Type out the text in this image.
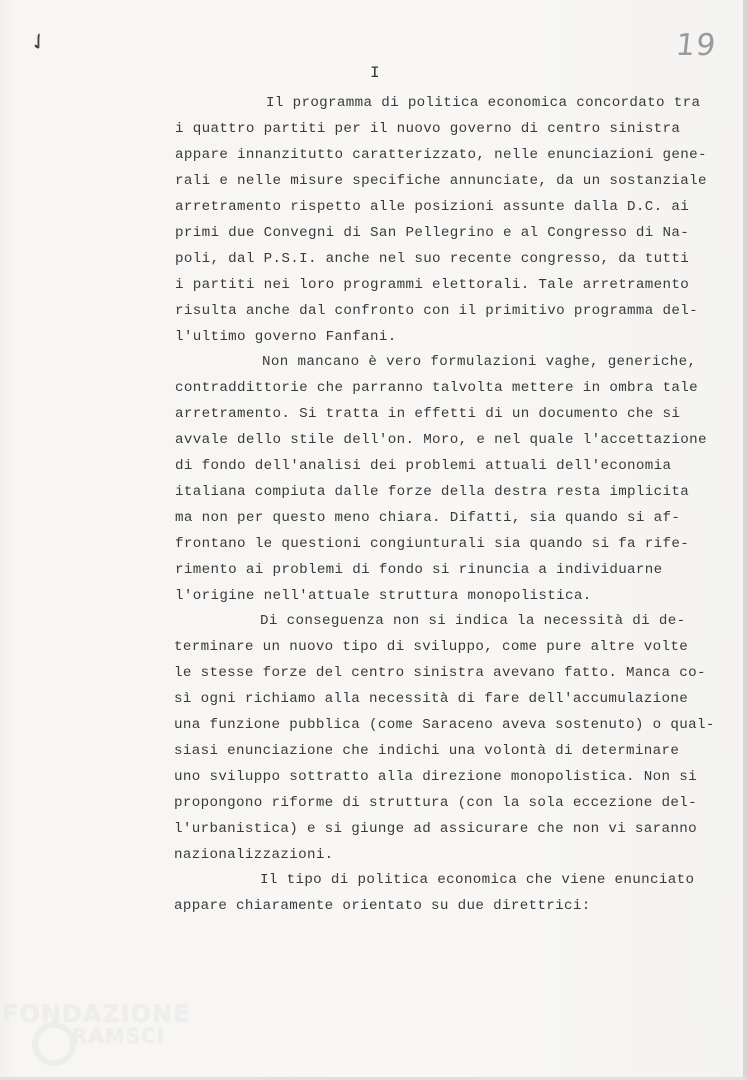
✓	19
I
Il programma di politica economica concordato tra
i quattro partiti per il nuovo governo di centro sinistra
appare innanzitutto caratterizzato, nelle enunciazioni gene-
rali e nelle misure specifiche annunciate, da un sostanziale
arretramento rispetto alle posizioni assunte dalla D.C. ai
primi due Convegni di San Pellegrino e al Congresso di Na-
poli, dal P.S.I. anche nel suo recente congresso, da tutti
i partiti nei loro programmi elettorali. Tale arretramento
risulta anche dal confronto con il primitivo programma del-
l'ultimo governo Fanfani.
Non mancano è vero formulazioni vaghe, generiche,
contraddittorie che parranno talvolta mettere in ombra tale
arretramento. Si tratta in effetti di un documento che si
avvale dello stile dell'on. Moro, e nel quale l'accettazione
di fondo dell'analisi dei problemi attuali dell'economia
italiana compiuta dalle forze della destra resta implicita
ma non per questo meno chiara. Difatti, sia quando si af-
frontano le questioni congiunturali sia quando si fa rife-
rimento ai problemi di fondo si rinuncia a individuarne
l'origine nell'attuale struttura monopolistica.
Di conseguenza non si indica la necessità di de-
terminare un nuovo tipo di sviluppo, come pure altre volte
le stesse forze del centro sinistra avevano fatto. Manca co-
sì ogni richiamo alla necessità di fare dell'accumulazione
una funzione pubblica (come Saraceno aveva sostenuto) o qual-
siasi enunciazione che indichi una volontà di determinare
uno sviluppo sottratto alla direzione monopolistica. Non si
propongono riforme di struttura (con la sola eccezione del-
l'urbanistica) e si giunge ad assicurare che non vi saranno
nazionalizzazioni.
Il tipo di politica economica che viene enunciato
appare chiaramente orientato su due direttrici:
FONDAZIONE
RAMSCI
